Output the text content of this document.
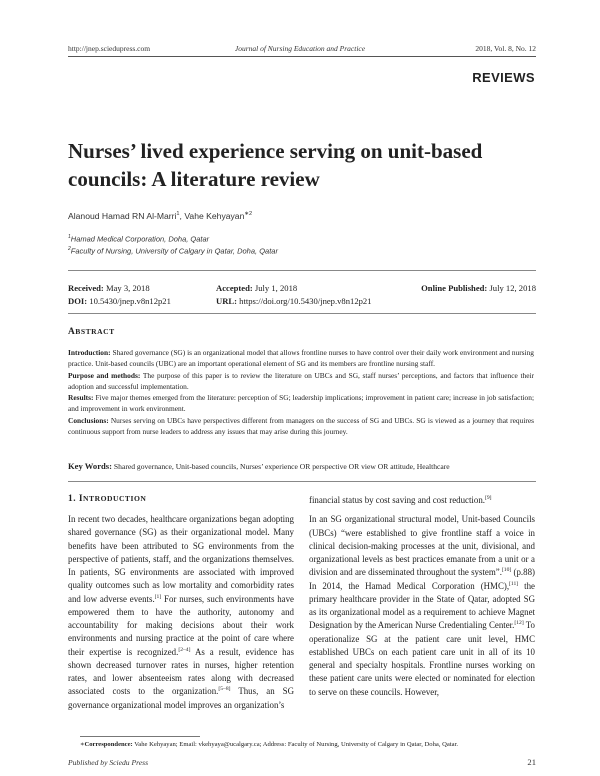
http://jnep.sciedupress.com	Journal of Nursing Education and Practice	2018, Vol. 8, No. 12
REVIEWS
Nurses’ lived experience serving on unit-based
councils: A literature review
Alanoud Hamad RN Al-Marri$^1$, Vahe Kehyayan$^{∗2}$
$^1$Hamad Medical Corporation, Doha, Qatar
$^2$Faculty of Nursing, University of Calgary in Qatar, Doha, Qatar
Received: May 3, 2018	Accepted: July 1, 2018	Online Published: July 12, 2018
DOI: 10.5430/jnep.v8n12p21	URL: https://doi.org/10.5430/jnep.v8n12p21
ABSTRACT

Introduction: Shared governance (SG) is an organizational model that allows frontline nurses to have control over their daily work environment and nursing practice. Unit-based councils (UBC) are an important operational element of SG and its members are frontline nursing staff.

Purpose and methods: The purpose of this paper is to review the literature on UBCs and SG, staff nurses’ perceptions, and factors that influence their adoption and successful implementation.

Results: Five major themes emerged from the literature: perception of SG; leadership implications; improvement in patient care; increase in job satisfaction; and improvement in work environment.

Conclusions: Nurses serving on UBCs have perspectives different from managers on the success of SG and UBCs. SG is viewed as a journey that requires continuous support from nurse leaders to address any issues that may arise during this journey.

Key Words: Shared governance, Unit-based councils, Nurses’ experience OR perspective OR view OR attitude, Healthcare
1. INTRODUCTION

In recent two decades, healthcare organizations began adopting shared governance (SG) as their organizational model. Many benefits have been attributed to SG environments from the perspective of patients, staff, and the organizations themselves. In patients, SG environments are associated with improved quality outcomes such as low mortality and comorbidity rates and low adverse events.[1] For nurses, such environments have empowered them to have the authority, autonomy and accountability for making decisions about their work environments and nursing practice at the point of care where their expertise is recognized.[2–4] As a result, evidence has shown decreased turnover rates in nurses, higher retention rates, and lower absenteeism rates along with decreased associated costs to the organization.[5–8] Thus, an SG governance organizational model improves an organization’s

financial status by cost saving and cost reduction.[9]

In an SG organizational structural model, Unit-based Councils (UBCs) “were established to give frontline staff a voice in clinical decision-making processes at the unit, divisional, and organizational levels as best practices emanate from a unit or a division and are disseminated throughout the system”.[10] (p.88) In 2014, the Hamad Medical Corporation (HMC),[11] the primary healthcare provider in the State of Qatar, adopted SG as its organizational model as a requirement to achieve Magnet Designation by the American Nurse Credentialing Center.[12] To operationalize SG at the patient care unit level, HMC established UBCs on each patient care unit in all of its 10 general and specialty hospitals. Frontline nurses working on these patient care units were elected or nominated for election to serve on these councils. However,

∗Correspondence: Vahe Kehyayan; Email: vkehyaya@ucalgary.ca; Address: Faculty of Nursing, University of Calgary in Qatar, Doha, Qatar.
Published by Sciedu Press	21
